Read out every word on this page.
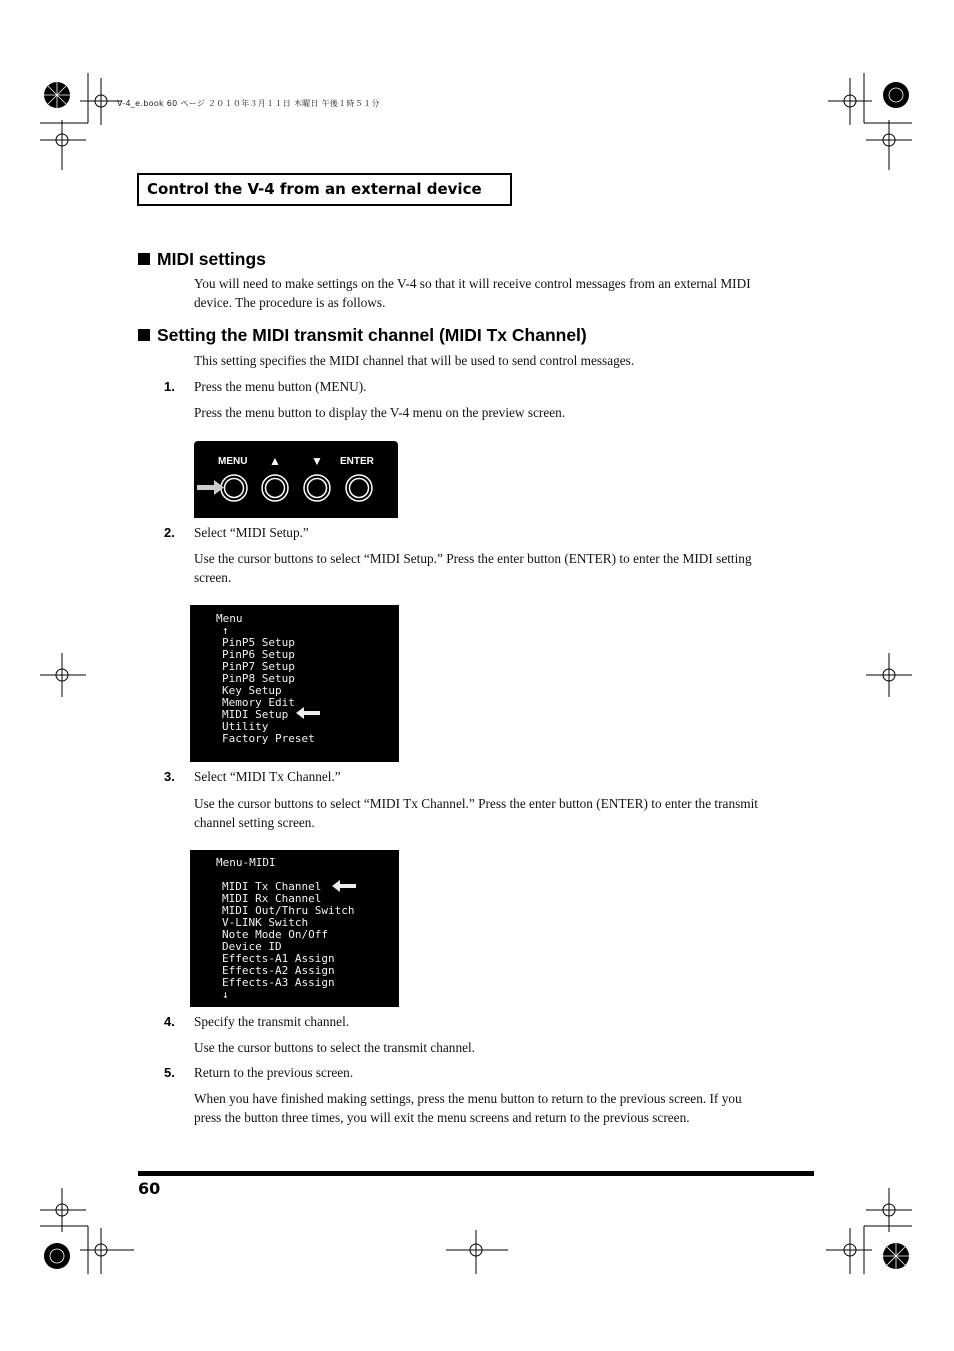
V-4_e.book 60 ページ ２０１０年３月１１日 木曜日 午後１時５１分
Control the V-4 from an external device
MIDI settings
You will need to make settings on the V-4 so that it will receive control messages from an external MIDI device. The procedure is as follows.
Setting the MIDI transmit channel (MIDI Tx Channel)
This setting specifies the MIDI channel that will be used to send control messages.
1. Press the menu button (MENU).
Press the menu button to display the V-4 menu on the preview screen.
MENU ▲	▼ ENTER
2. Select “MIDI Setup.”
Use the cursor buttons to select “MIDI Setup.” Press the enter button (ENTER) to enter the MIDI setting screen.
Menu
↑
PinP5 Setup
PinP6 Setup
PinP7 Setup
PinP8 Setup
Key Setup
Memory Edit
MIDI Setup
Utility
Factory Preset
3. Select “MIDI Tx Channel.”
Use the cursor buttons to select “MIDI Tx Channel.” Press the enter button (ENTER) to enter the transmit channel setting screen.
Menu-MIDI
MIDI Tx Channel
MIDI Rx Channel
MIDI Out/Thru Switch
V-LINK Switch
Note Mode On/Off
Device ID
Effects-A1 Assign
Effects-A2 Assign
Effects-A3 Assign
↓
4. Specify the transmit channel.
Use the cursor buttons to select the transmit channel.
5. Return to the previous screen.
When you have finished making settings, press the menu button to return to the previous screen. If you press the button three times, you will exit the menu screens and return to the previous screen.
60
